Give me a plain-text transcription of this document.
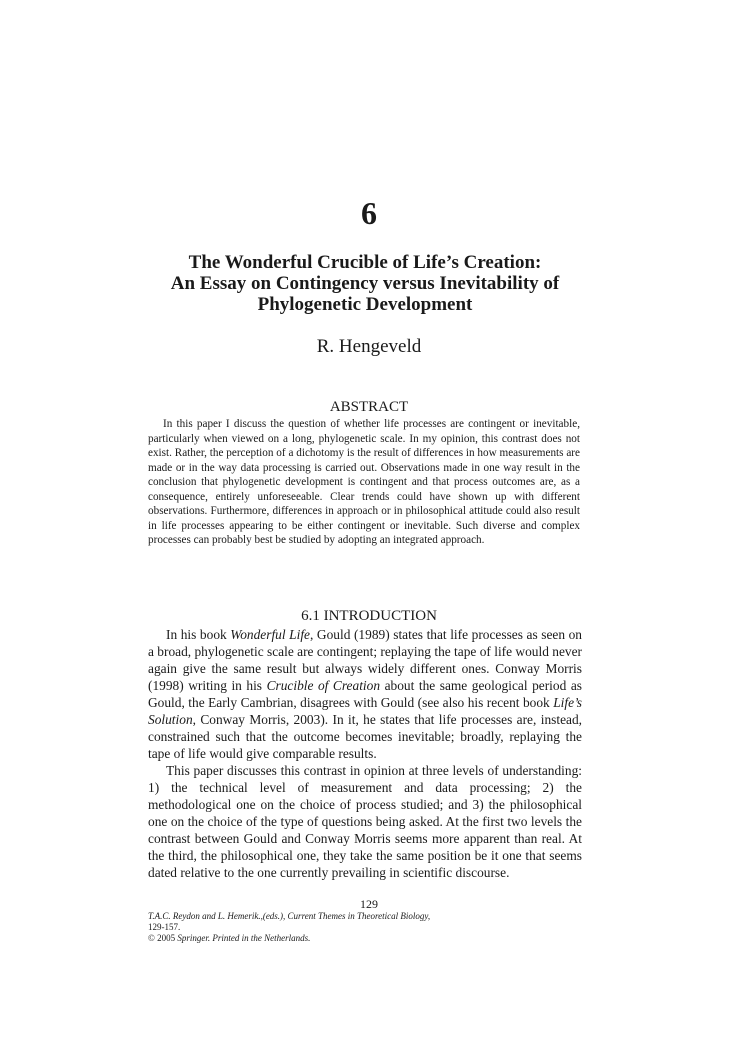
6
The Wonderful Crucible of Life’s Creation:
An Essay on Contingency versus Inevitability of
Phylogenetic Development
R. Hengeveld
ABSTRACT

In this paper I discuss the question of whether life processes are contingent or inevitable, particularly when viewed on a long, phylogenetic scale. In my opinion, this contrast does not exist. Rather, the perception of a dichotomy is the result of differences in how measurements are made or in the way data processing is carried out. Observations made in one way result in the conclusion that phylogenetic development is contingent and that process outcomes are, as a consequence, entirely unforeseeable. Clear trends could have shown up with different observations. Furthermore, differences in approach or in philosophical attitude could also result in life processes appearing to be either contingent or inevitable. Such diverse and complex processes can probably best be studied by adopting an integrated approach.

6.1 INTRODUCTION

In his book Wonderful Life, Gould (1989) states that life processes as seen on a broad, phylogenetic scale are contingent; replaying the tape of life would never again give the same result but always widely different ones. Conway Morris (1998) writing in his Crucible of Creation about the same geological period as Gould, the Early Cambrian, disagrees with Gould (see also his recent book Life’s Solution, Conway Morris, 2003). In it, he states that life processes are, instead, constrained such that the outcome becomes inevitable; broadly, replaying the tape of life would give comparable results.

This paper discusses this contrast in opinion at three levels of understanding: 1) the technical level of measurement and data processing; 2) the methodological one on the choice of process studied; and 3) the philosophical one on the choice of the type of questions being asked. At the first two levels the contrast between Gould and Conway Morris seems more apparent than real. At the third, the philosophical one, they take the same position be it one that seems dated relative to the one currently prevailing in scientific discourse.

129
T.A.C. Reydon and L. Hemerik.,(eds.), Current Themes in Theoretical Biology,
129-157.
© 2005 Springer. Printed in the Netherlands.
